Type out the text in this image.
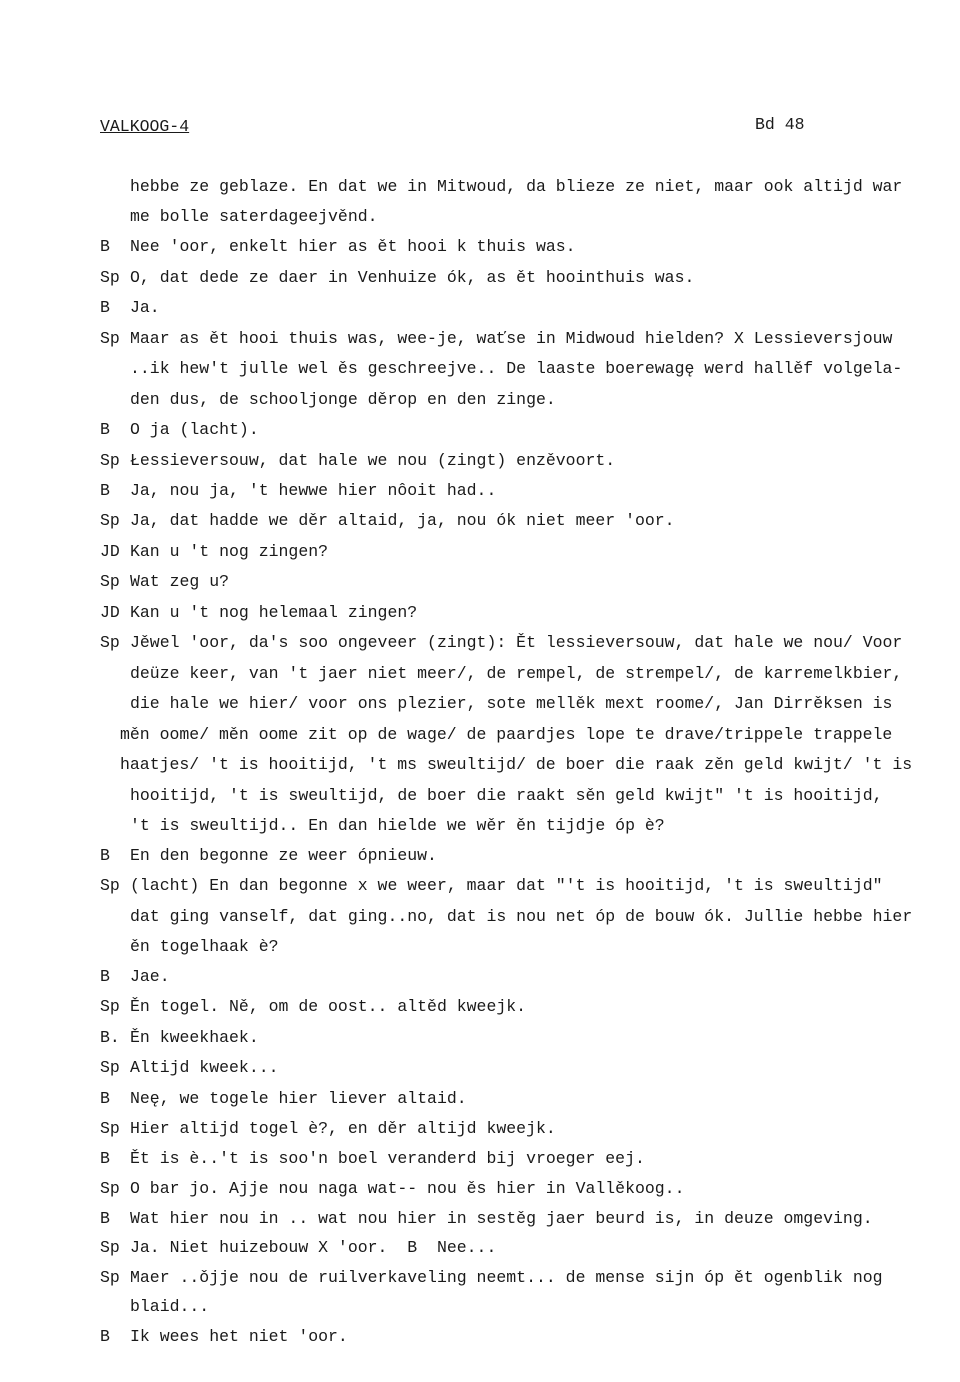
VALKOOG-4	Bd 48
hebbe ze geblaze. En dat we in Mitwoud, da blieze ze niet, maar ook altijd war
me bolle saterdageejvěnd.
B Nee 'oor, enkelt hier as ět hooi k thuis was.
Sp O, dat dede ze daer in Venhuize ók, as ět hoointhuis was.
B Ja.
Sp Maar as ět hooi thuis was, wee-je, waťse in Midwoud hielden? X Lessieversjouw
..ik hew't julle wel ěs geschreejve.. De laaste boerewagę werd hallěf volgela-
den dus, de schooljonge děrop en den zinge.
B O ja (lacht).
Sp Łessieversouw, dat hale we nou (zingt) enzěvoort.
B Ja, nou ja, 't hewwe hier nôoit had..
Sp Ja, dat hadde we děr altaid, ja, nou ók niet meer 'oor.
JD Kan u 't nog zingen?
Sp Wat zeg u?
JD Kan u 't nog helemaal zingen?
Sp Jěwel 'oor, da's soo ongeveer (zingt): Ět lessieversouw, dat hale we nou/ Voor
deüze keer, van 't jaer niet meer/, de rempel, de strempel/, de karremelkbier,
die hale we hier/ voor ons plezier, sote mellěk mext roome/, Jan Dirrěksen is
měn oome/ měn oome zit op de wage/ de paardjes lope te drave/trippele trappele
haatjes/ 't is hooitijd, 't ms sweultijd/ de boer die raak zěn geld kwijt/ 't is
hooitijd, 't is sweultijd, de boer die raakt sěn geld kwijt" 't is hooitijd,
't is sweultijd.. En dan hielde we wěr ěn tijdje óp è?
B En den begonne ze weer ópnieuw.
Sp (lacht) En dan begonne x we weer, maar dat "'t is hooitijd, 't is sweultijd"
dat ging vanself, dat ging..no, dat is nou net óp de bouw ók. Jullie hebbe hier
ěn togelhaak è?
B Jae.
Sp Ěn togel. Ně, om de oost.. altěd kweejk.
B. Ěn kweekhaek.
Sp Altijd kweek...
B Neę, we togele hier liever altaid.
Sp Hier altijd togel è?, en děr altijd kweejk.
B Ět is è..'t is soo'n boel veranderd bij vroeger eej.
Sp O bar jo. Ajje nou naga wat-- nou ěs hier in Vallěkoog..
B Wat hier nou in .. wat nou hier in sestěg jaer beurd is, in deuze omgeving.
Sp Ja. Niet huizebouw X 'oor.  B  Nee...
Sp Maer ..ǒjje nou de ruilverkaveling neemt... de mense sijn óp ět ogenblik nog
blaid...
B Ik wees het niet 'oor.
